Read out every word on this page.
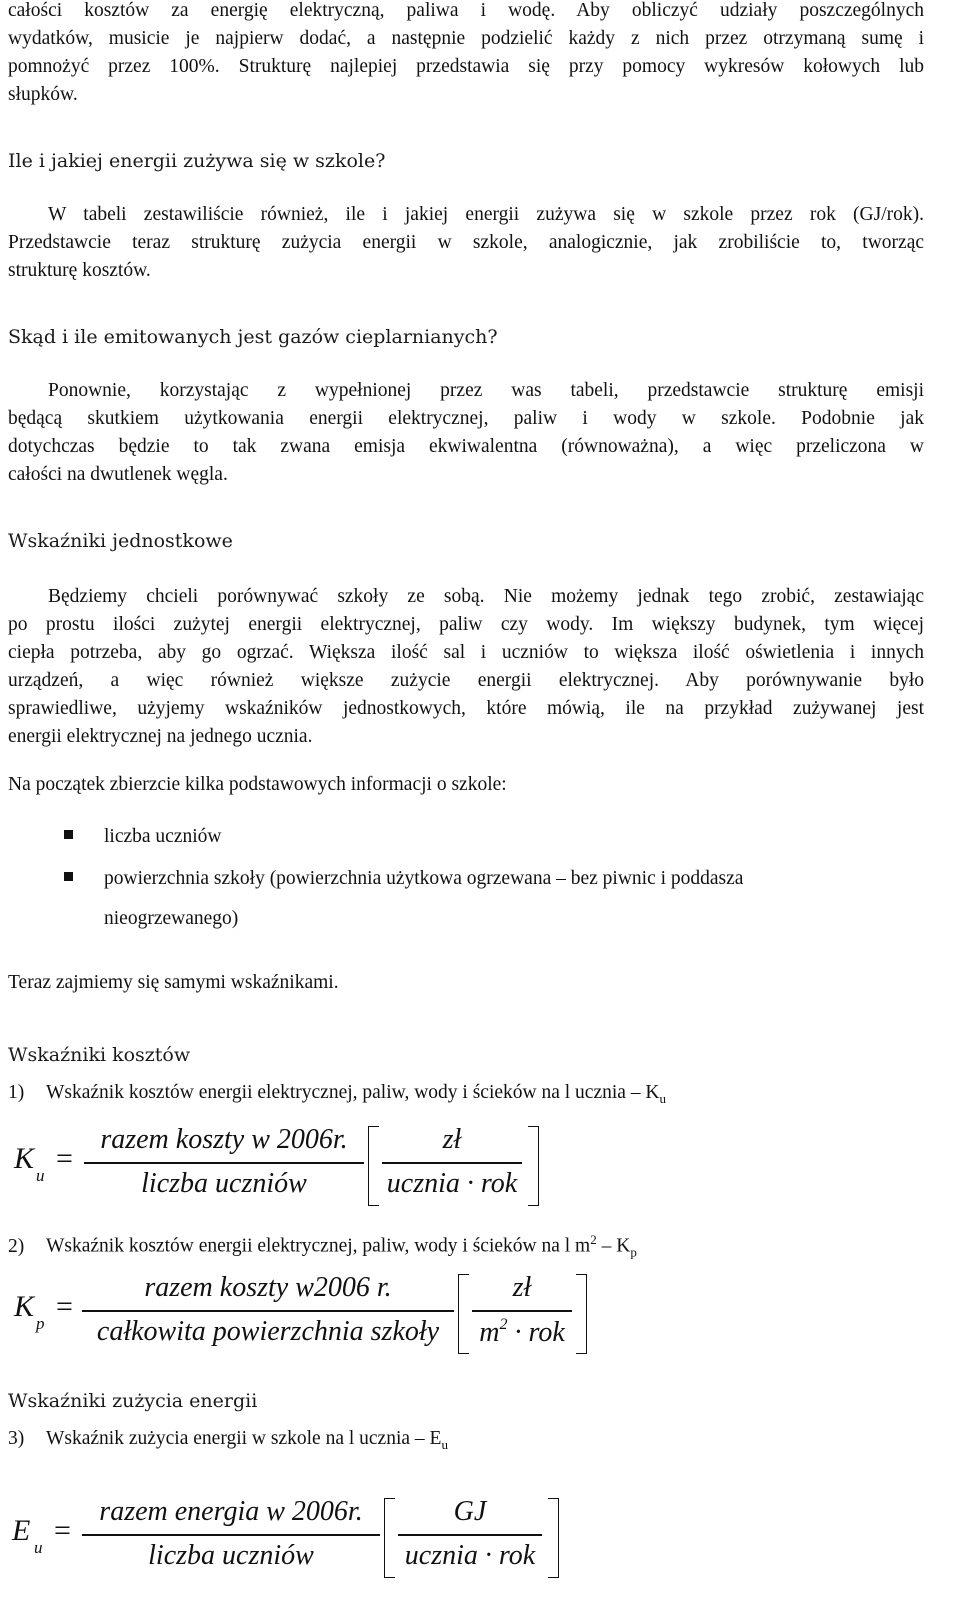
całości kosztów za energię elektryczną, paliwa i wodę. Aby obliczyć udziały poszczególnych
wydatków, musicie je najpierw dodać, a następnie podzielić każdy z nich przez otrzymaną sumę i
pomnożyć przez 100%. Strukturę najlepiej przedstawia się przy pomocy wykresów kołowych lub
słupków.
Ile i jakiej energii zużywa się w szkole?
W tabeli zestawiliście również, ile i jakiej energii zużywa się w szkole przez rok (GJ/rok).
Przedstawcie teraz strukturę zużycia energii w szkole, analogicznie, jak zrobiliście to, tworząc
strukturę kosztów.
Skąd i ile emitowanych jest gazów cieplarnianych?
Ponownie, korzystając z wypełnionej przez was tabeli, przedstawcie strukturę emisji
będącą skutkiem użytkowania energii elektrycznej, paliw i wody w szkole. Podobnie jak
dotychczas będzie to tak zwana emisja ekwiwalentna (równoważna), a więc przeliczona w
całości na dwutlenek węgla.
Wskaźniki jednostkowe
Będziemy chcieli porównywać szkoły ze sobą. Nie możemy jednak tego zrobić, zestawiając
po prostu ilości zużytej energii elektrycznej, paliw czy wody. Im większy budynek, tym więcej
ciepła potrzeba, aby go ogrzać. Większa ilość sal i uczniów to większa ilość oświetlenia i innych
urządzeń, a więc również większe zużycie energii elektrycznej. Aby porównywanie było
sprawiedliwe, użyjemy wskaźników jednostkowych, które mówią, ile na przykład zużywanej jest
energii elektrycznej na jednego ucznia.
Na początek zbierzcie kilka podstawowych informacji o szkole:
liczba uczniów
powierzchnia szkoły (powierzchnia użytkowa ogrzewana – bez piwnic i poddasza
nieogrzewanego)
Teraz zajmiemy się samymi wskaźnikami.
Wskaźniki kosztów
1) Wskaźnik kosztów energii elektrycznej, paliw, wody i ścieków na l ucznia – $K_u$
K
u
=
razem koszty w 2006r.
liczba uczniów
zł
ucznia · rok
2) Wskaźnik kosztów energii elektrycznej, paliw, wody i ścieków na l $m^2 - K_p$
K
p
=
razem koszty w2006 r.
całkowita powierzchnia szkoły
zł
$m^2$ · rok
Wskaźniki zużycia energii
3) Wskaźnik zużycia energii w szkole na l ucznia – $E_u$
E
u
=
razem energia w 2006r.
liczba uczniów
GJ
ucznia · rok
